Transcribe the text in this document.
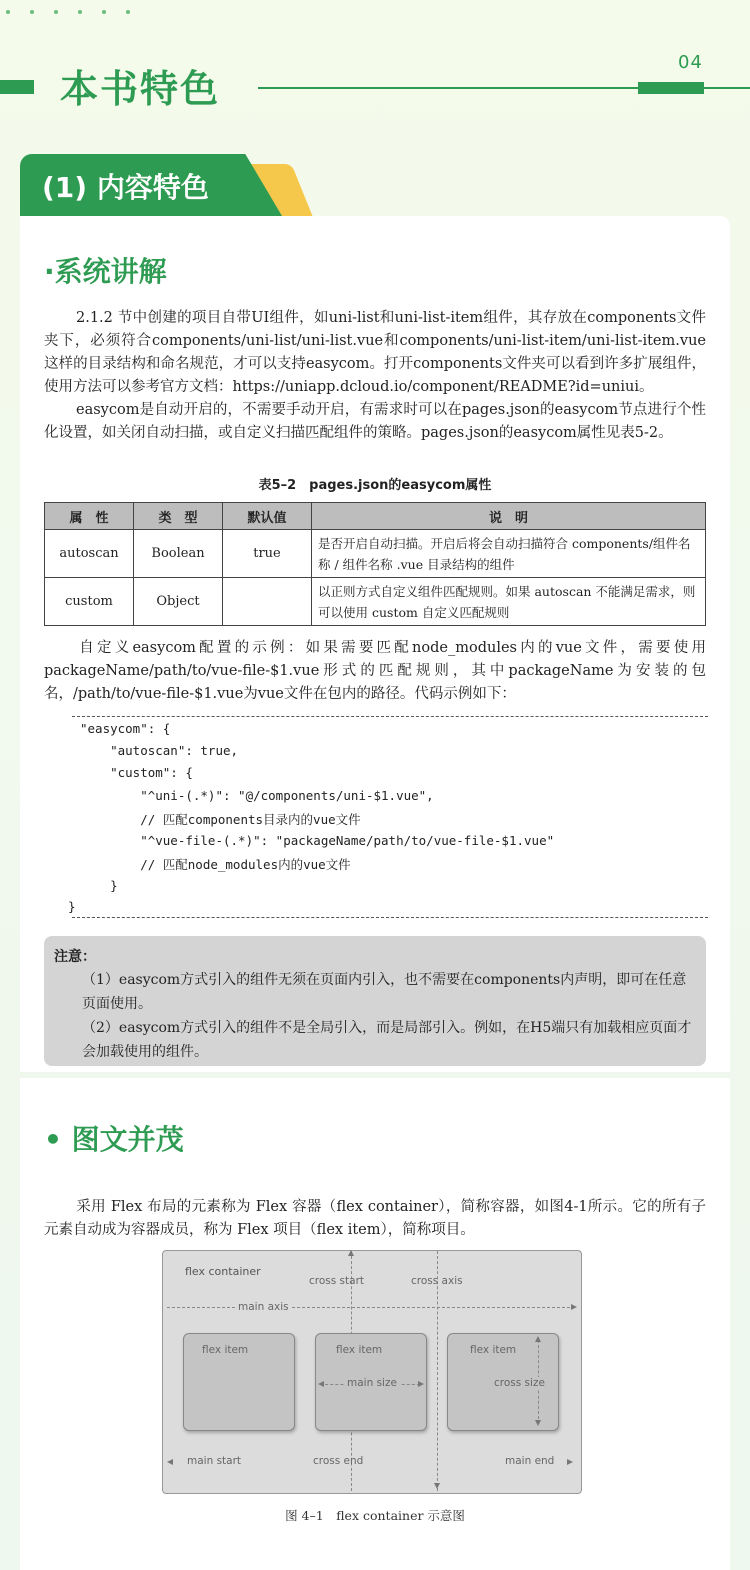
本书特色
04
(1) 内容特色
·系统讲解

2.1.2 节中创建的项目自带UI组件，如uni-list和uni-list-item组件，其存放在components文件夹下，必须符合components/uni-list/uni-list.vue和components/uni-list-item/uni-list-item.vue这样的目录结构和命名规范，才可以支持easycom。打开components文件夹可以看到许多扩展组件，使用方法可以参考官方文档：https://uniapp.dcloud.io/component/README?id=uniui。

easycom是自动开启的，不需要手动开启，有需求时可以在pages.json的easycom节点进行个性化设置，如关闭自动扫描，或自定义扫描匹配组件的策略。pages.json的easycom属性见表5-2。

表5–2　pages.json的easycom属性
属　性	类　型	默认值	说　明
autoscan	Boolean	true	是否开启自动扫描。开启后将会自动扫描符合 components/组件名称 / 组件名称 .vue 目录结构的组件
custom	Object		以正则方式自定义组件匹配规则。如果 autoscan 不能满足需求，则可以使用 custom 自定义匹配规则

自定义easycom配置的示例：如果需要匹配node_modules内的vue文件，需要使用packageName/path/to/vue-file-$1.vue形式的匹配规则，其中packageName为安装的包名，/path/to/vue-file-$1.vue为vue文件在包内的路径。代码示例如下：

"easycom": {
"autoscan": true,
"custom": {
"^uni-(.*)": "@/components/uni-$1.vue",
// 匹配components目录内的vue文件
"^vue-file-(.*)": "packageName/path/to/vue-file-$1.vue"
// 匹配node_modules内的vue文件
}
}
注意：
（1）easycom方式引入的组件无须在页面内引入，也不需要在components内声明，即可在任意页面使用。
（2）easycom方式引入的组件不是全局引入，而是局部引入。例如，在H5端只有加载相应页面才会加载使用的组件。
• 图文并茂

采用 Flex 布局的元素称为 Flex 容器（flex container），简称容器，如图4-1所示。它的所有子元素自动成为容器成员，称为 Flex 项目（flex item），简称项目。

flex container
cross start	cross axis
main axis
flex item	flex item
main size
flex item
cross size
main start	cross end	main end
图 4–1　flex container 示意图
